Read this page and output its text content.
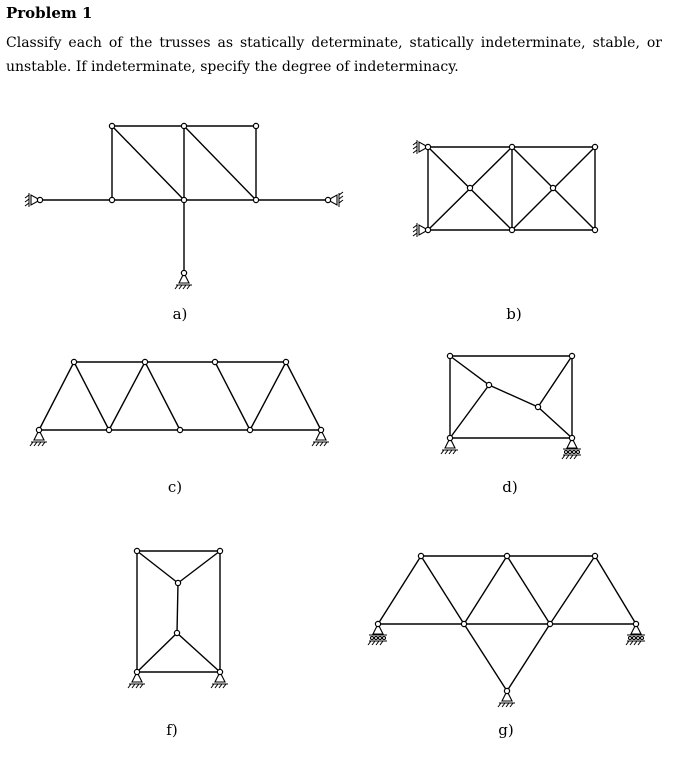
Problem 1

Classify each of the trusses as statically determinate, statically indeterminate, stable, or unstable. If indeterminate, specify the degree of indeterminacy.

a)	b)
c)	d)
f)	g)
